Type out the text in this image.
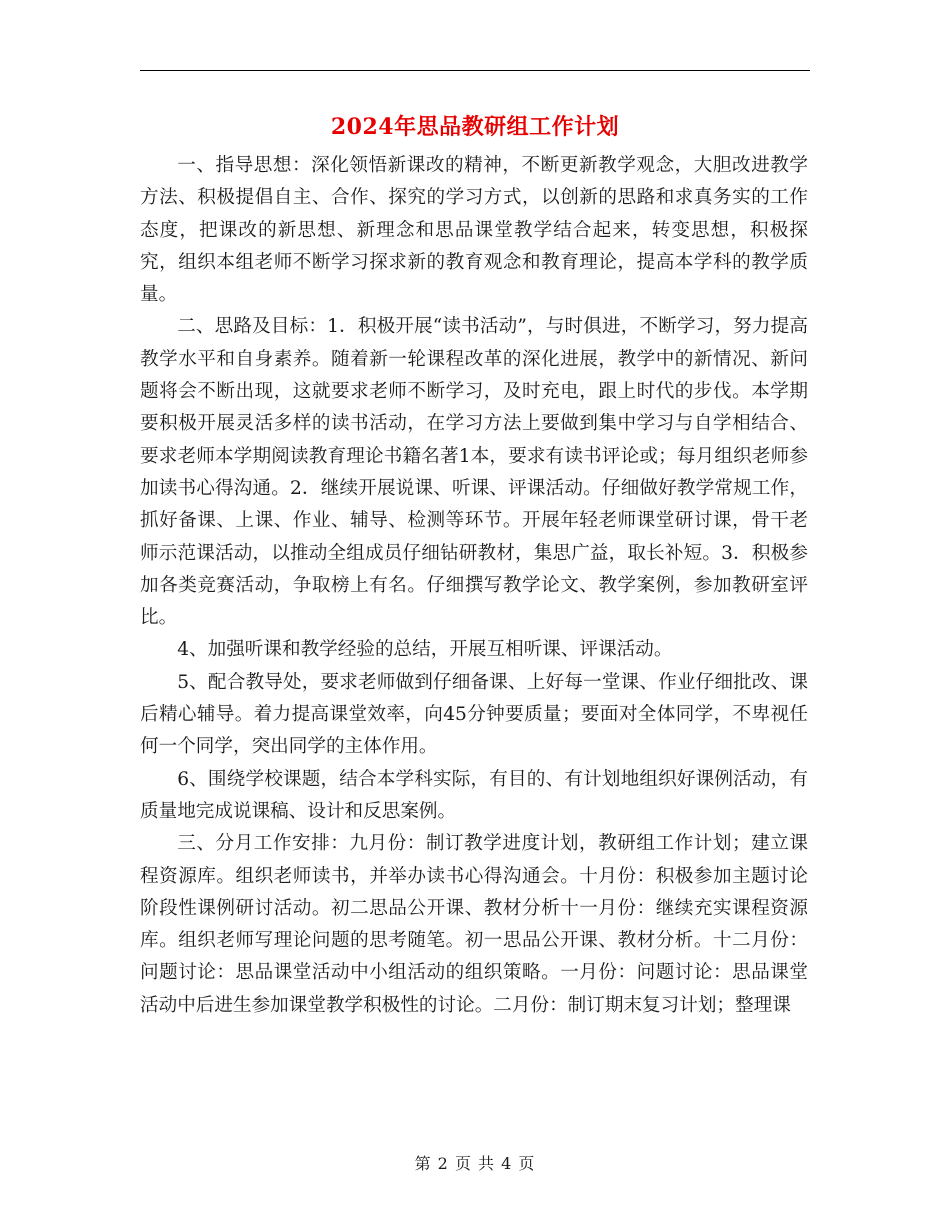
2024年思品教研组工作计划

一、指导思想：深化领悟新课改的精神，不断更新教学观念，大胆改进教学方法、积极提倡自主、合作、探究的学习方式，以创新的思路和求真务实的工作态度，把课改的新思想、新理念和思品课堂教学结合起来，转变思想，积极探究，组织本组老师不断学习探求新的教育观念和教育理论，提高本学科的教学质量。

二、思路及目标：1．积极开展“读书活动”，与时俱进，不断学习，努力提高教学水平和自身素养。随着新一轮课程改革的深化进展，教学中的新情况、新问题将会不断出现，这就要求老师不断学习，及时充电，跟上时代的步伐。本学期要积极开展灵活多样的读书活动，在学习方法上要做到集中学习与自学相结合、要求老师本学期阅读教育理论书籍名著1本，要求有读书评论或；每月组织老师参加读书心得沟通。2．继续开展说课、听课、评课活动。仔细做好教学常规工作，抓好备课、上课、作业、辅导、检测等环节。开展年轻老师课堂研讨课，骨干老师示范课活动，以推动全组成员仔细钻研教材，集思广益，取长补短。3．积极参加各类竞赛活动，争取榜上有名。仔细撰写教学论文、教学案例，参加教研室评比。

4、加强听课和教学经验的总结，开展互相听课、评课活动。

5、配合教导处，要求老师做到仔细备课、上好每一堂课、作业仔细批改、课后精心辅导。着力提高课堂效率，向45分钟要质量；要面对全体同学，不卑视任何一个同学，突出同学的主体作用。

6、围绕学校课题，结合本学科实际，有目的、有计划地组织好课例活动，有质量地完成说课稿、设计和反思案例。

三、分月工作安排：九月份：制订教学进度计划，教研组工作计划；建立课程资源库。组织老师读书，并举办读书心得沟通会。十月份：积极参加主题讨论阶段性课例研讨活动。初二思品公开课、教材分析十一月份：继续充实课程资源库。组织老师写理论问题的思考随笔。初一思品公开课、教材分析。十二月份：问题讨论：思品课堂活动中小组活动的组织策略。一月份：问题讨论：思品课堂活动中后进生参加课堂教学积极性的讨论。二月份：制订期末复习计划；整理课

第 2 页 共 4 页
